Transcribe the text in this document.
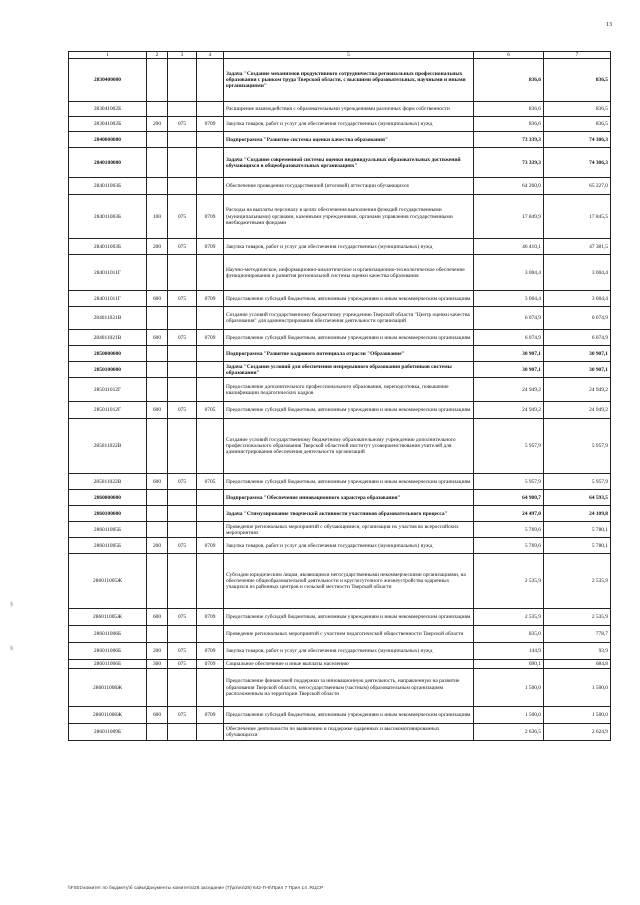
13
1	2	3	4	5	6	7
2830400000				Задача "Создание механизмов продуктивного сотрудничества региональных профессиональных образования с рынком труда Тверской области, с высшими образовательных, научными и иными организациями"	836,6	836,5
283041002Б				Расширение взаимодействия с образовательными учреждениями различных форм собственности	836,6	836,5
283041002Б	200	075	0709	Закупка товаров, работ и услуг для обеспечения государственных (муниципальных) нужд	836,6	836,5
2840000000				Подпрограмма "Развитие системы оценки качества образования"	73 339,3	74 306,3
2840100000				Задача "Создание современной системы оценки индивидуальных образовательных достижений обучающихся в общеобразовательных организациях"	73 339,3	74 306,3
284011003Б				Обеспечение проведения государственной (итоговой) аттестации обучающихся	64 260,0	65 227,0
284011003Б	100	075	0709	Расходы на выплаты персоналу в целях обеспечения выполнения функций государственными (муниципальными) органами, казенными учреждениями, органами управления государственными внебюджетными фондами	17 849,9	17 845,5
284011003Б	200	075	0709	Закупка товаров, работ и услуг для обеспечения государственных (муниципальных) нужд	46 410,1	47 381,5
284011011Г				Научно-методическое, информационно-аналитическое и организационно-технологическое обеспечение функционирования и развития региональной системы оценки качества образования	3 004,4	3 004,4
284011011Г	600	075	0709	Предоставление субсидий бюджетным, автономным учреждениям и иным некоммерческим организациям	3 004,4	3 004,4
284011021В				Создание условий государственному бюджетному учреждению Тверской области "Центр оценки качества образования" для администрирования обеспечения деятельности организаций	6 074,9	6 074,9
284011021В	600	075	0709	Предоставление субсидий бюджетным, автономным учреждениям и иным некоммерческим организациям	6 074,9	6 074,9
2850000000				Подпрограмма "Развитие кадрового потенциала отрасли "Образование"	30 907,1	30 907,1
2850100000				Задача "Создание условий для обеспечения непрерывного образования работников системы образования"	30 907,1	30 907,1
285011012Г				Предоставление дополнительного профессионального образования, переподготовка, повышение квалификации педагогических кадров	24 949,2	24 949,2
285011012Г	600	075	0705	Предоставление субсидий бюджетным, автономным учреждениям и иным некоммерческим организациям	24 949,2	24 949,2
285011022В				Создание условий государственному бюджетному образовательному учреждению дополнительного профессионального образования Тверской областной институт усовершенствования учителей для администрирования обеспечения деятельности организаций	5 957,9	5 957,9
285011022В	600	075	0705	Предоставление субсидий бюджетным, автономным учреждениям и иным некоммерческим организациям	5 957,9	5 957,9
2860000000				Подпрограмма "Обеспечение инновационного характера образования"	64 980,7	64 593,5
2860100000				Задача "Стимулирование творческой активности участников образовательного процесса"	24 497,0	24 109,8
286011005Б				Проведение региональных мероприятий с обучающимися, организация их участия во всероссийских мероприятиях	5 769,6	5 780,1
286011005Б	200	075	0709	Закупка товаров, работ и услуг для обеспечения государственных (муниципальных) нужд	5 769,6	5 780,1
286011005Ж				Субсидии юридическим лицам, являющимся негосударственными некоммерческими организациями, на обеспечение общеобразовательной деятельности и круглосуточного жизнеустройства одаренных учащихся из районных центров и сельской местности Тверской области	2 535,9	2 535,9
286011005Ж	600	075	0709	Предоставление субсидий бюджетным, автономным учреждениям и иным некоммерческим организациям	2 535,9	2 535,9
286011006Б				Проведение региональных мероприятий с участием педагогической общественности Тверской области	835,0	778,7
286011006Б	200	075	0709	Закупка товаров, работ и услуг для обеспечения государственных (муниципальных) нужд	144,9	93,9
286011006Б	300	075	0709	Социальное обеспечение и иные выплаты населению	690,1	684,8
286011008Ж				Предоставление финансовой поддержки за инновационную деятельность, направленную на развитие образования Тверской области, негосударственным (частным) образовательным организациям расположенным на территории Тверской области	1 500,0	1 500,0
286011008Ж	600	075	0709	Предоставление субсидий бюджетным, автономным учреждениям и иным некоммерческим организациям	1 500,0	1 500,0
286011009Б				Обеспечение деятельности по выявлению и поддержке одаренных и высокомотивированных обучающихся	2 636,5	2 624,9
§
§
\\FS01\комитет по бюджету\б сайы\Документы комитета\28 заседание (7)\рз\ез\28) 642-П-6\Прил 7 Прил 14 .RЦСР
